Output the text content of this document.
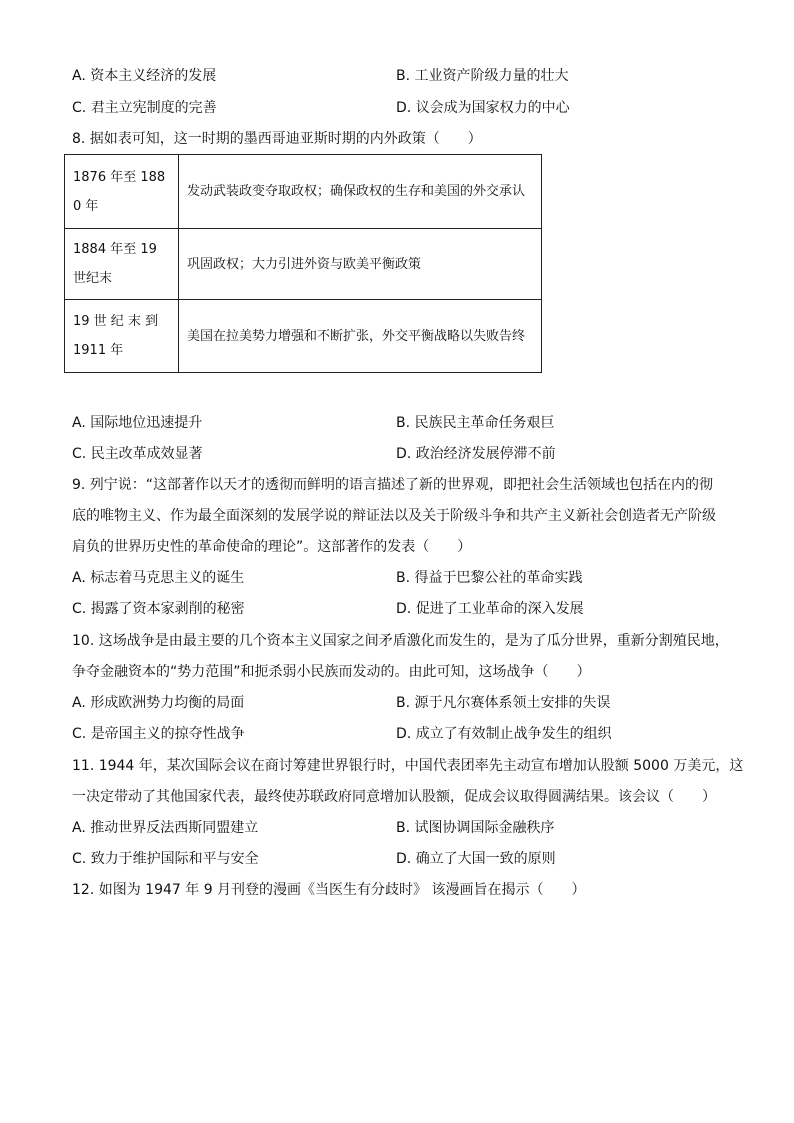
A. 资本主义经济的发展	B. 工业资产阶级力量的壮大
C. 君主立宪制度的完善	D. 议会成为国家权力的中心
8. 据如表可知，这一时期的墨西哥迪亚斯时期的内外政策（　　）
1876 年至 1880 年	发动武装政变夺取政权；确保政权的生存和美国的外交承认

1884 年至 19 世纪末	巩固政权；大力引进外资与欧美平衡政策

19 世 纪 末 到 1911 年	美国在拉美势力增强和不断扩张，外交平衡战略以失败告终
A. 国际地位迅速提升	B. 民族民主革命任务艰巨
C. 民主改革成效显著	D. 政治经济发展停滞不前
9. 列宁说：“这部著作以天才的透彻而鲜明的语言描述了新的世界观，即把社会生活领域也包括在内的彻
底的唯物主义、作为最全面深刻的发展学说的辩证法以及关于阶级斗争和共产主义新社会创造者无产阶级
肩负的世界历史性的革命使命的理论”。这部著作的发表（　　）
A. 标志着马克思主义的诞生	B. 得益于巴黎公社的革命实践
C. 揭露了资本家剥削的秘密	D. 促进了工业革命的深入发展
10. 这场战争是由最主要的几个资本主义国家之间矛盾激化而发生的，是为了瓜分世界，重新分割殖民地，
争夺金融资本的“势力范围”和扼杀弱小民族而发动的。由此可知，这场战争（　　）
A. 形成欧洲势力均衡的局面	B. 源于凡尔赛体系领土安排的失误
C. 是帝国主义的掠夺性战争	D. 成立了有效制止战争发生的组织
11. 1944 年，某次国际会议在商讨筹建世界银行时，中国代表团率先主动宣布增加认股额 5000 万美元，这
一决定带动了其他国家代表，最终使苏联政府同意增加认股额，促成会议取得圆满结果。该会议（　　）
A. 推动世界反法西斯同盟建立	B. 试图协调国际金融秩序
C. 致力于维护国际和平与安全	D. 确立了大国一致的原则
12. 如图为 1947 年 9 月刊登的漫画《当医生有分歧时》 该漫画旨在揭示（　　）
